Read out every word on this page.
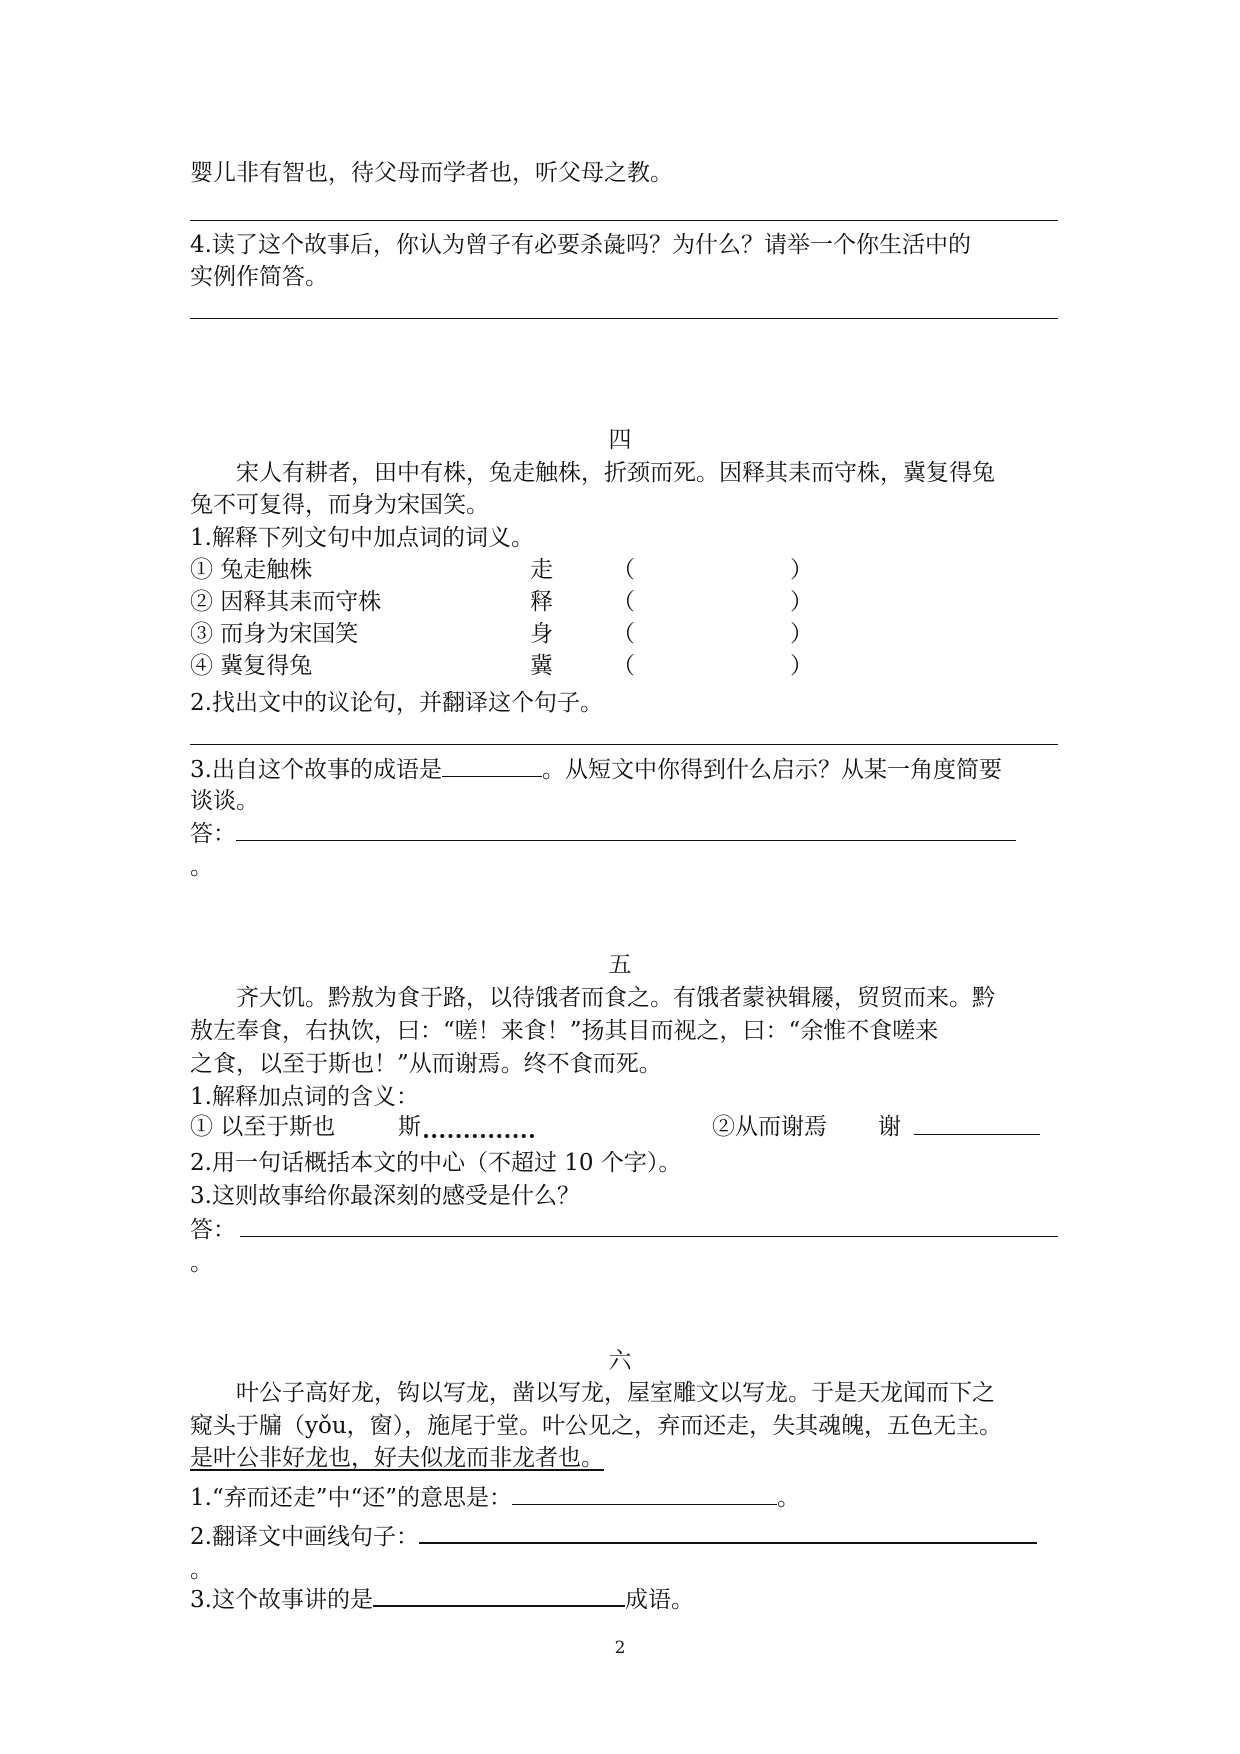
婴儿非有智也，待父母而学者也，听父母之教。
4.读了这个故事后，你认为曾子有必要杀彘吗？为什么？请举一个你生活中的
实例作简答。
四
宋人有耕者，田中有株，兔走触株，折颈而死。因释其耒而守株，冀复得兔
兔不可复得，而身为宋国笑。
1.解释下列文句中加点词的词义。
① 兔走触株	走	（	）
② 因释其耒而守株	释	（	）
③ 而身为宋国笑	身	（	）
④ 冀复得兔	冀	（	）
2.找出文中的议论句，并翻译这个句子。
3.出自这个故事的成语是	。从短文中你得到什么启示？从某一角度简要
谈谈。
答：
。
五
齐大饥。黔敖为食于路，以待饿者而食之。有饿者蒙袂辑屦，贸贸而来。黔
敖左奉食，右执饮，曰：“嗟！来食！”扬其目而视之，曰：“余惟不食嗟来
之食，以至于斯也！”从而谢焉。终不食而死。
1.解释加点词的含义：
① 以至于斯也	斯	②从而谢焉 谢
2.用一句话概括本文的中心（不超过 10 个字）。
3.这则故事给你最深刻的感受是什么？
答：
。
六
叶公子高好龙，钩以写龙，凿以写龙，屋室雕文以写龙。于是天龙闻而下之
窥头于牖（yǒu，窗），施尾于堂。叶公见之，弃而还走，失其魂魄，五色无主。
是叶公非好龙也，好夫似龙而非龙者也。
1.“弃而还走”中“还”的意思是：	。
2.翻译文中画线句子：
。
3.这个故事讲的是	成语。
2
